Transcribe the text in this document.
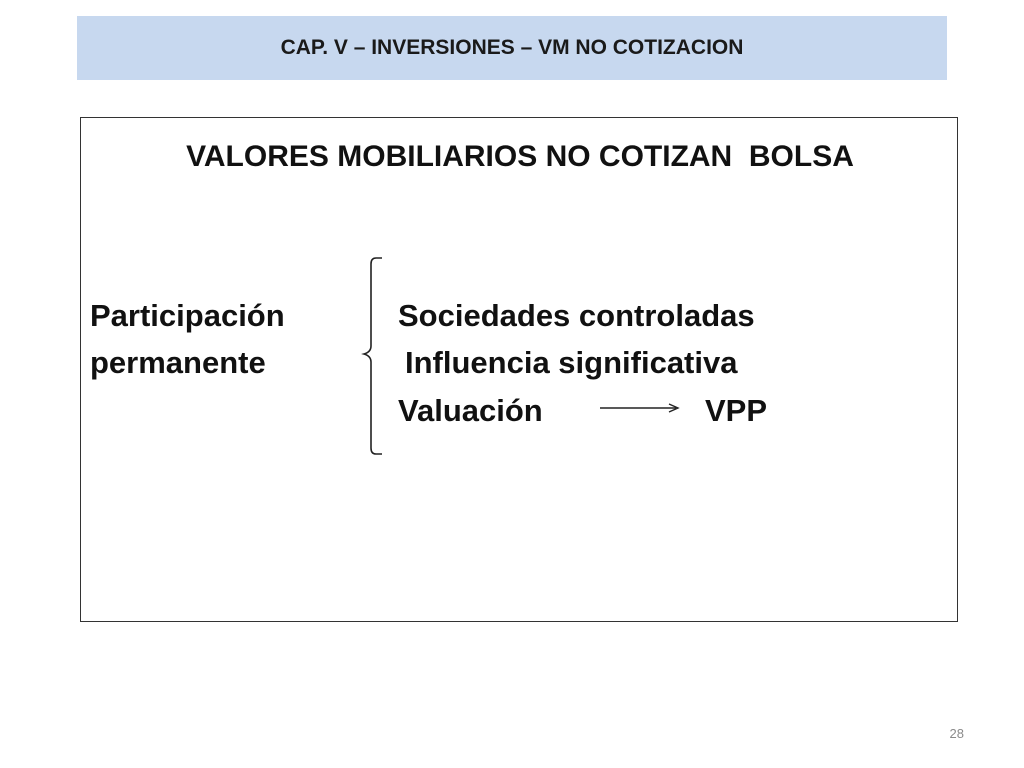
CAP. V – INVERSIONES – VM NO COTIZACION
VALORES MOBILIARIOS NO COTIZAN  BOLSA
Participación
permanente
Sociedades controladas
Influencia significativa
Valuación	VPP
28
